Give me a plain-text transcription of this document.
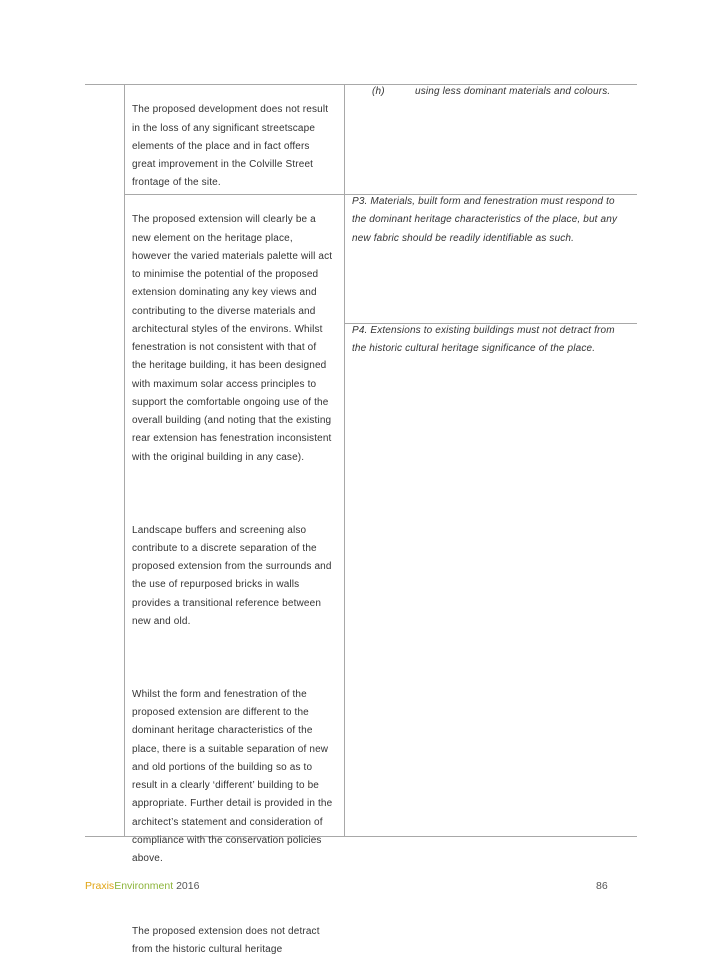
The proposed development does not result
in the loss of any significant streetscape
elements of the place and in fact offers
great improvement in the Colville Street
frontage of the site.

The proposed extension will clearly be a
new element on the heritage place,
however the varied materials palette will act
to minimise the potential of the proposed
extension dominating any key views and
contributing to the diverse materials and
architectural styles of the environs. Whilst
fenestration is not consistent with that of
the heritage building, it has been designed
with maximum solar access principles to
support the comfortable ongoing use of the
overall building (and noting that the existing
rear extension has fenestration inconsistent
with the original building in any case).

Landscape buffers and screening also
contribute to a discrete separation of the
proposed extension from the surrounds and
the use of repurposed bricks in walls
provides a transitional reference between
new and old.

Whilst the form and fenestration of the
proposed extension are different to the
dominant heritage characteristics of the
place, there is a suitable separation of new
and old portions of the building so as to
result in a clearly ‘different’ building to be
appropriate. Further detail is provided in the
architect’s statement and consideration of
compliance with the conservation policies
above.

The proposed extension does not detract
from the historic cultural heritage

(h)	using less dominant materials and colours.
P3. Materials, built form and fenestration must respond to
the dominant heritage characteristics of the place, but any
new fabric should be readily identifiable as such.
P4. Extensions to existing buildings must not detract from
the historic cultural heritage significance of the place.
PraxisEnvironment 2016	86
